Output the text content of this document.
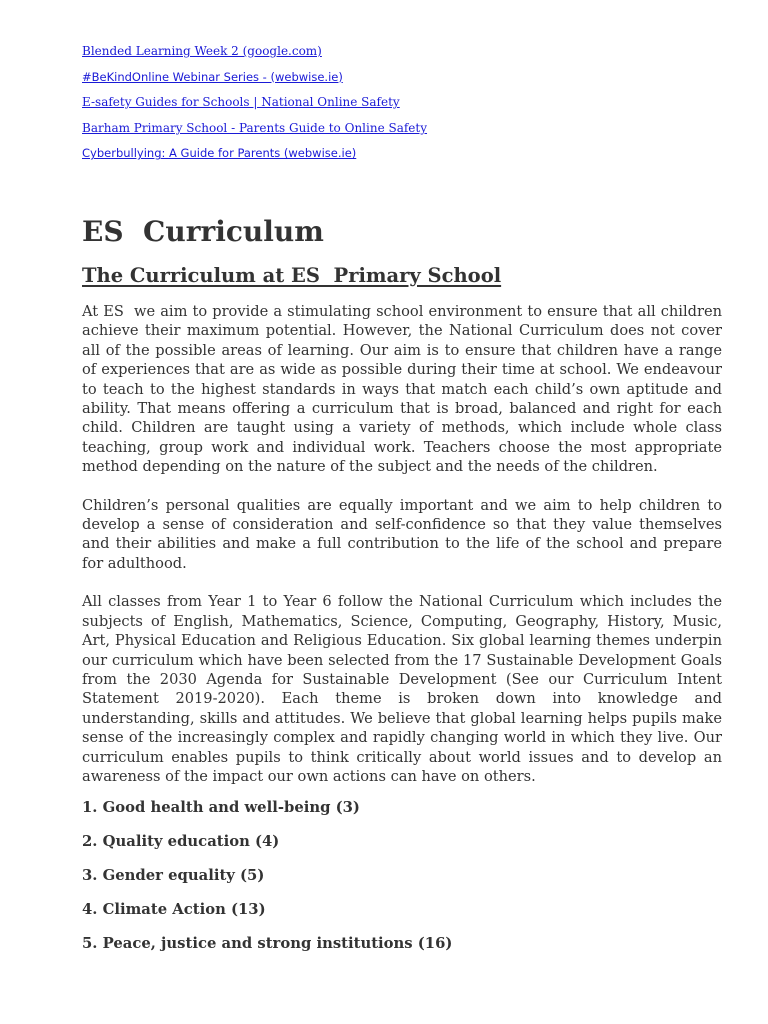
Blended Learning Week 2 (google.com)
#BeKindOnline Webinar Series - (webwise.ie)
E-safety Guides for Schools | National Online Safety
Barham Primary School - Parents Guide to Online Safety
Cyberbullying: A Guide for Parents (webwise.ie)
ES  Curriculum
The Curriculum at ES  Primary School

At ES  we aim to provide a stimulating school environment to ensure that all children achieve their maximum potential. However, the National Curriculum does not cover all of the possible areas of learning. Our aim is to ensure that children have a range of experiences that are as wide as possible during their time at school. We endeavour to teach to the highest standards in ways that match each child’s own aptitude and ability. That means offering a curriculum that is broad, balanced and right for each child. Children are taught using a variety of methods, which include whole class teaching, group work and individual work. Teachers choose the most appropriate method depending on the nature of the subject and the needs of the children.

Children’s personal qualities are equally important and we aim to help children to develop a sense of consideration and self-confidence so that they value themselves and their abilities and make a full contribution to the life of the school and prepare for adulthood.

All classes from Year 1 to Year 6 follow the National Curriculum which includes the subjects of English, Mathematics, Science, Computing, Geography, History, Music, Art, Physical Education and Religious Education. Six global learning themes underpin our curriculum which have been selected from the 17 Sustainable Development Goals from the 2030 Agenda for Sustainable Development (See our Curriculum Intent Statement 2019-2020). Each theme is broken down into knowledge and understanding, skills and attitudes. We believe that global learning helps pupils make sense of the increasingly complex and rapidly changing world in which they live. Our curriculum enables pupils to think critically about world issues and to develop an awareness of the impact our own actions can have on others.

1. Good health and well-being (3)
2. Quality education (4)
3. Gender equality (5)
4. Climate Action (13)
5. Peace, justice and strong institutions (16)
